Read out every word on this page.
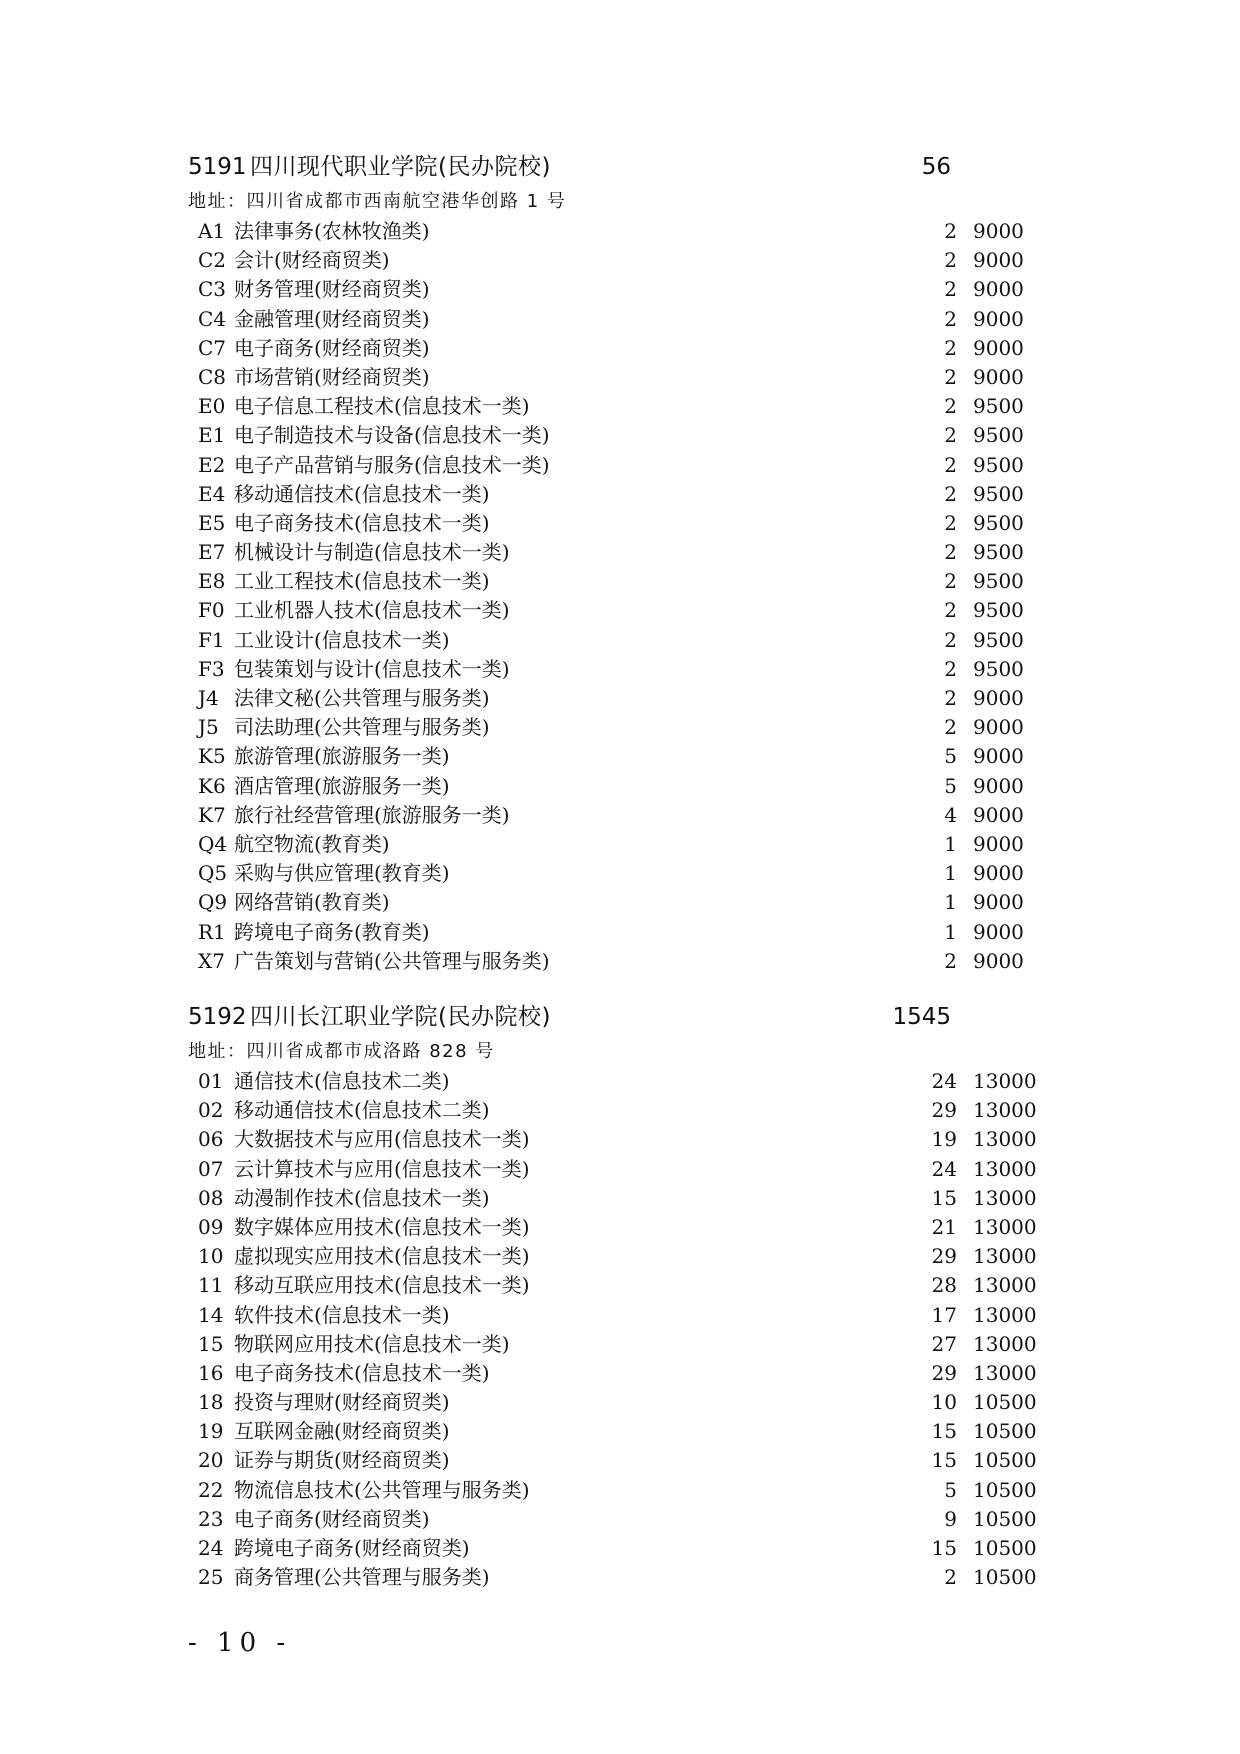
5191 四川现代职业学院(民办院校)	56
地址：四川省成都市西南航空港华创路 1 号
A1 法律事务(农林牧渔类)	2 9000
C2 会计(财经商贸类)	2 9000
C3 财务管理(财经商贸类)	2 9000
C4 金融管理(财经商贸类)	2 9000
C7 电子商务(财经商贸类)	2 9000
C8 市场营销(财经商贸类)	2 9000
E0 电子信息工程技术(信息技术一类)	2 9500
E1 电子制造技术与设备(信息技术一类)	2 9500
E2 电子产品营销与服务(信息技术一类)	2 9500
E4 移动通信技术(信息技术一类)	2 9500
E5 电子商务技术(信息技术一类)	2 9500
E7 机械设计与制造(信息技术一类)	2 9500
E8 工业工程技术(信息技术一类)	2 9500
F0 工业机器人技术(信息技术一类)	2 9500
F1 工业设计(信息技术一类)	2 9500
F3 包装策划与设计(信息技术一类)	2 9500
J4 法律文秘(公共管理与服务类)	2 9000
J5 司法助理(公共管理与服务类)	2 9000
K5 旅游管理(旅游服务一类)	5 9000
K6 酒店管理(旅游服务一类)	5 9000
K7 旅行社经营管理(旅游服务一类)	4 9000
Q4 航空物流(教育类)	1 9000
Q5 采购与供应管理(教育类)	1 9000
Q9 网络营销(教育类)	1 9000
R1 跨境电子商务(教育类)	1 9000
X7 广告策划与营销(公共管理与服务类)	2 9000
5192 四川长江职业学院(民办院校)	1545
地址：四川省成都市成洛路 828 号
01 通信技术(信息技术二类)	24 13000
02 移动通信技术(信息技术二类)	29 13000
06 大数据技术与应用(信息技术一类)	19 13000
07 云计算技术与应用(信息技术一类)	24 13000
08 动漫制作技术(信息技术一类)	15 13000
09 数字媒体应用技术(信息技术一类)	21 13000
10 虚拟现实应用技术(信息技术一类)	29 13000
11 移动互联应用技术(信息技术一类)	28 13000
14 软件技术(信息技术一类)	17 13000
15 物联网应用技术(信息技术一类)	27 13000
16 电子商务技术(信息技术一类)	29 13000
18 投资与理财(财经商贸类)	10 10500
19 互联网金融(财经商贸类)	15 10500
20 证券与期货(财经商贸类)	15 10500
22 物流信息技术(公共管理与服务类)	5 10500
23 电子商务(财经商贸类)	9 10500
24 跨境电子商务(财经商贸类)	15 10500
25 商务管理(公共管理与服务类)	2 10500
- 10 -
